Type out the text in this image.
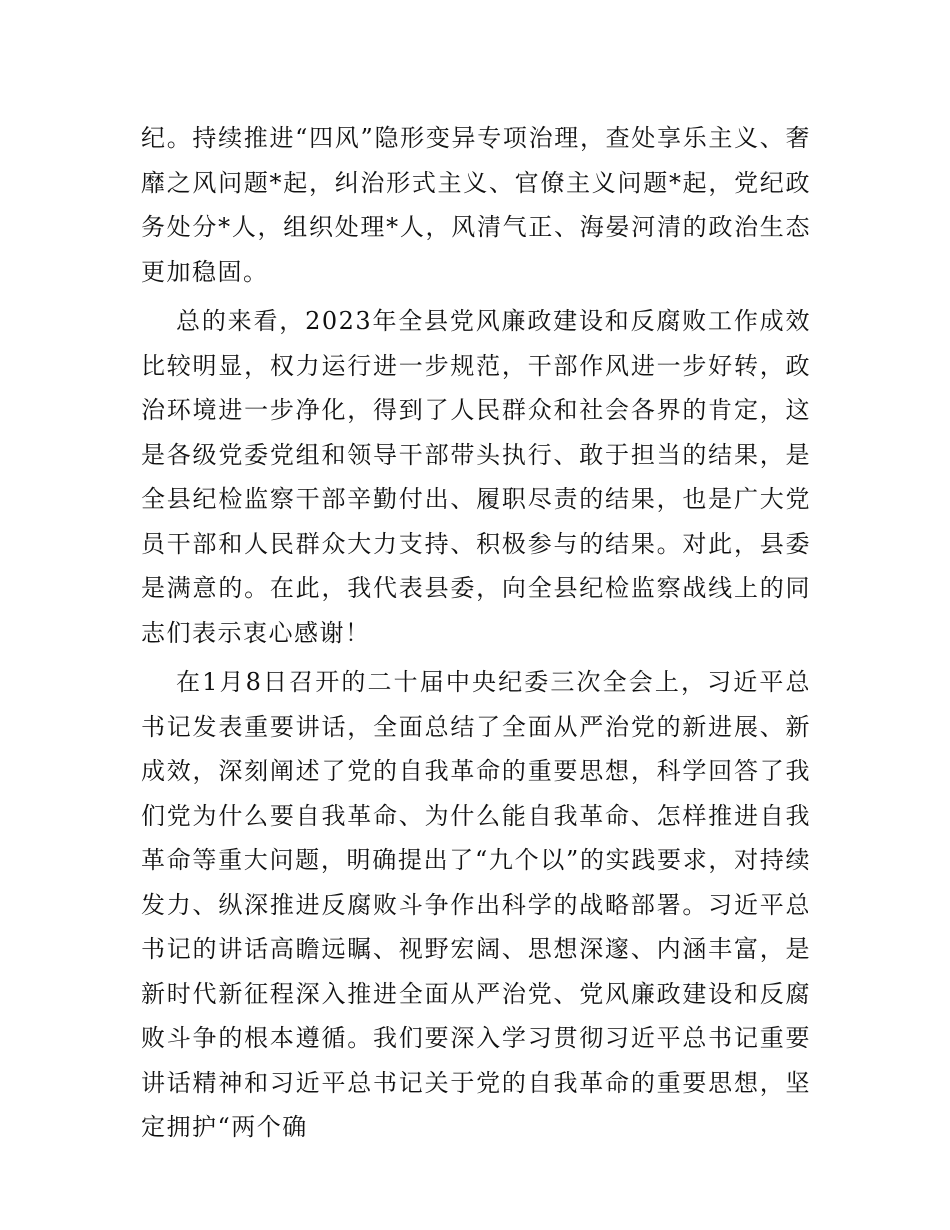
纪。持续推进“四风”隐形变异专项治理，查处享乐主义、奢靡之风问题*起，纠治形式主义、官僚主义问题*起，党纪政务处分*人，组织处理*人，风清气正、海晏河清的政治生态更加稳固。

总的来看，2023年全县党风廉政建设和反腐败工作成效比较明显，权力运行进一步规范，干部作风进一步好转，政治环境进一步净化，得到了人民群众和社会各界的肯定，这是各级党委党组和领导干部带头执行、敢于担当的结果，是全县纪检监察干部辛勤付出、履职尽责的结果，也是广大党员干部和人民群众大力支持、积极参与的结果。对此，县委是满意的。在此，我代表县委，向全县纪检监察战线上的同志们表示衷心感谢！

在1月8日召开的二十届中央纪委三次全会上，习近平总书记发表重要讲话，全面总结了全面从严治党的新进展、新成效，深刻阐述了党的自我革命的重要思想，科学回答了我们党为什么要自我革命、为什么能自我革命、怎样推进自我革命等重大问题，明确提出了“九个以”的实践要求，对持续发力、纵深推进反腐败斗争作出科学的战略部署。习近平总书记的讲话高瞻远瞩、视野宏阔、思想深邃、内涵丰富，是新时代新征程深入推进全面从严治党、党风廉政建设和反腐败斗争的根本遵循。我们要深入学习贯彻习近平总书记重要讲话精神和习近平总书记关于党的自我革命的重要思想，坚定拥护“两个确
